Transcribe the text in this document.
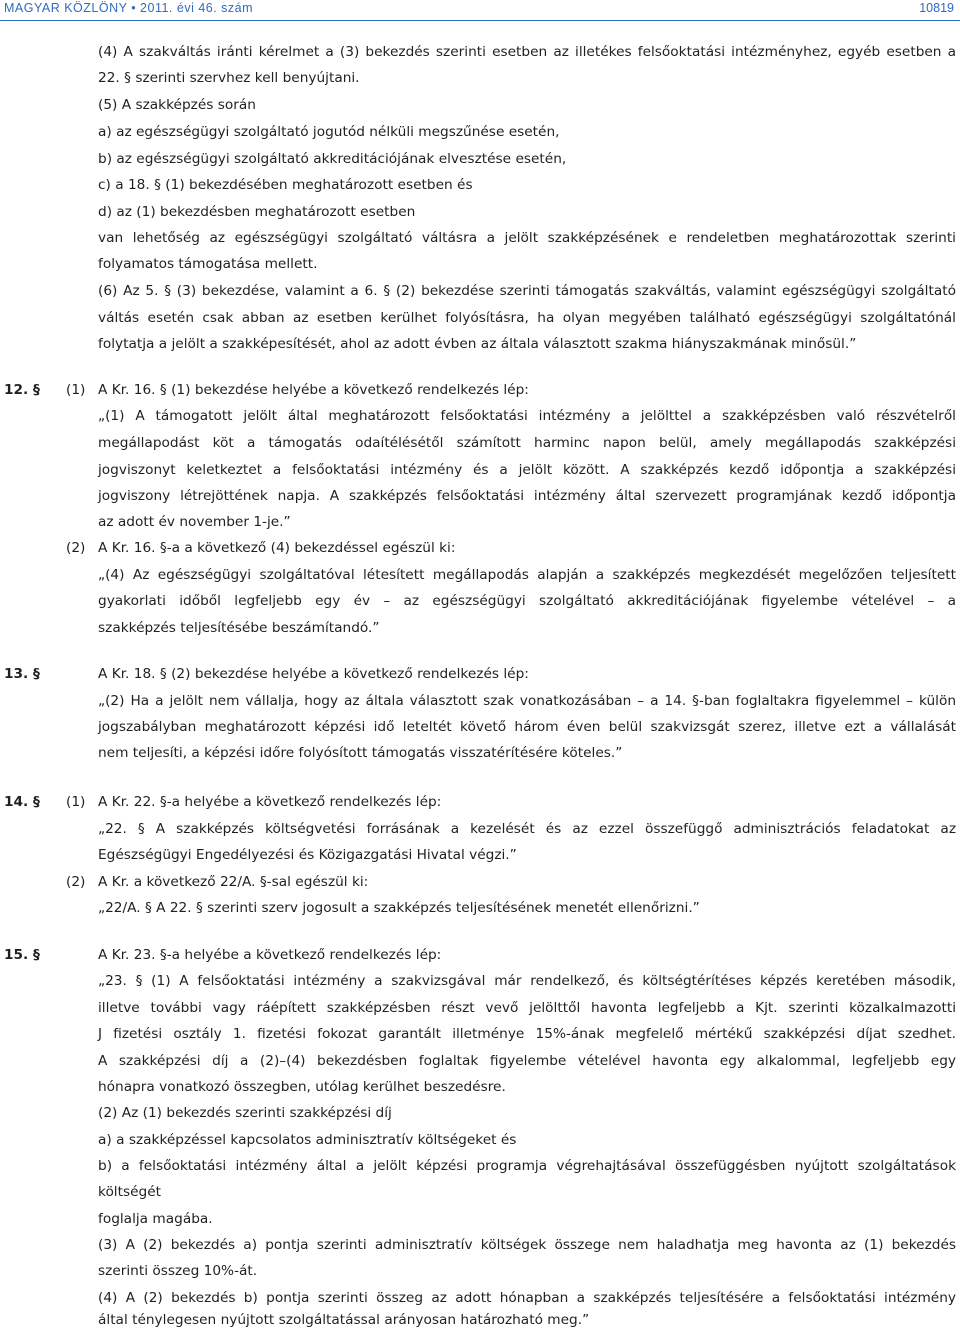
MAGYAR KÖZLÖNY • 2011. évi 46. szám	10819
(4) A szakváltás iránti kérelmet a (3) bekezdés szerinti esetben az illetékes felsőoktatási intézményhez, egyéb esetben a
22. § szerinti szervhez kell benyújtani.
(5) A szakképzés során
a) az egészségügyi szolgáltató jogutód nélküli megszűnése esetén,
b) az egészségügyi szolgáltató akkreditációjának elvesztése esetén,
c) a 18. § (1) bekezdésében meghatározott esetben és
d) az (1) bekezdésben meghatározott esetben
van lehetőség az egészségügyi szolgáltató váltásra a jelölt szakképzésének e rendeletben meghatározottak szerinti
folyamatos támogatása mellett.
(6) Az 5. § (3) bekezdése, valamint a 6. § (2) bekezdése szerinti támogatás szakváltás, valamint egészségügyi szolgáltató
váltás esetén csak abban az esetben kerülhet folyósításra, ha olyan megyében található egészségügyi szolgáltatónál
folytatja a jelölt a szakképesítését, ahol az adott évben az általa választott szakma hiányszakmának minősül.”
12. § (1) A Kr. 16. § (1) bekezdése helyébe a következő rendelkezés lép:
„(1) A támogatott jelölt által meghatározott felsőoktatási intézmény a jelölttel a szakképzésben való részvételről
megállapodást köt a támogatás odaítélésétől számított harminc napon belül, amely megállapodás szakképzési
jogviszonyt keletkeztet a felsőoktatási intézmény és a jelölt között. A szakképzés kezdő időpontja a szakképzési
jogviszony létrejöttének napja. A szakképzés felsőoktatási intézmény által szervezett programjának kezdő időpontja
az adott év november 1-je.”
(2) A Kr. 16. §-a a következő (4) bekezdéssel egészül ki:
„(4) Az egészségügyi szolgáltatóval létesített megállapodás alapján a szakképzés megkezdését megelőzően teljesített
gyakorlati időből legfeljebb egy év – az egészségügyi szolgáltató akkreditációjának figyelembe vételével – a
szakképzés teljesítésébe beszámítandó.”
13. §	A Kr. 18. § (2) bekezdése helyébe a következő rendelkezés lép:
„(2) Ha a jelölt nem vállalja, hogy az általa választott szak vonatkozásában – a 14. §-ban foglaltakra figyelemmel – külön
jogszabályban meghatározott képzési idő leteltét követő három éven belül szakvizsgát szerez, illetve ezt a vállalását
nem teljesíti, a képzési időre folyósított támogatás visszatérítésére köteles.”
14. § (1) A Kr. 22. §-a helyébe a következő rendelkezés lép:
„22. § A szakképzés költségvetési forrásának a kezelését és az ezzel összefüggő adminisztrációs feladatokat az
Egészségügyi Engedélyezési és Közigazgatási Hivatal végzi.”
(2) A Kr. a következő 22/A. §-sal egészül ki:
„22/A. § A 22. § szerinti szerv jogosult a szakképzés teljesítésének menetét ellenőrizni.”
15. §	A Kr. 23. §-a helyébe a következő rendelkezés lép:
„23. § (1) A felsőoktatási intézmény a szakvizsgával már rendelkező, és költségtérítéses képzés keretében második,
illetve további vagy ráépített szakképzésben részt vevő jelölttől havonta legfeljebb a Kjt. szerinti közalkalmazotti
J fizetési osztály 1. fizetési fokozat garantált illetménye 15%-ának megfelelő mértékű szakképzési díjat szedhet.
A szakképzési díj a (2)–(4) bekezdésben foglaltak figyelembe vételével havonta egy alkalommal, legfeljebb egy
hónapra vonatkozó összegben, utólag kerülhet beszedésre.
(2) Az (1) bekezdés szerinti szakképzési díj
a) a szakképzéssel kapcsolatos adminisztratív költségeket és
b) a felsőoktatási intézmény által a jelölt képzési programja végrehajtásával összefüggésben nyújtott szolgáltatások
költségét
foglalja magába.
(3) A (2) bekezdés a) pontja szerinti adminisztratív költségek összege nem haladhatja meg havonta az (1) bekezdés
szerinti összeg 10%-át.
(4) A (2) bekezdés b) pontja szerinti összeg az adott hónapban a szakképzés teljesítésére a felsőoktatási intézmény
által ténylegesen nyújtott szolgáltatással arányosan határozható meg.”
